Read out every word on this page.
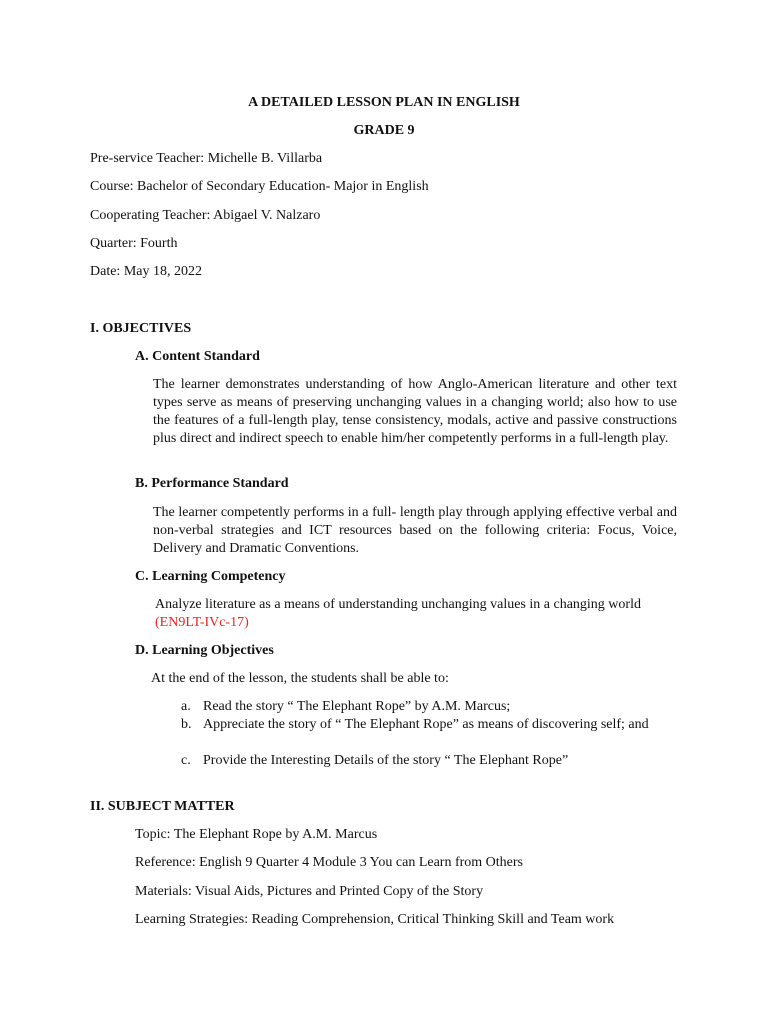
A DETAILED LESSON PLAN IN ENGLISH
GRADE 9
Pre-service Teacher: Michelle B. Villarba
Course: Bachelor of Secondary Education- Major in English
Cooperating Teacher: Abigael V. Nalzaro
Quarter: Fourth
Date: May 18, 2022
I. OBJECTIVES
A. Content Standard
The learner demonstrates understanding of how Anglo-American literature and other text types serve as means of preserving unchanging values in a changing world; also how to use the features of a full-length play, tense consistency, modals, active and passive constructions plus direct and indirect speech to enable him/her competently performs in a full-length play.
B. Performance Standard
The learner competently performs in a full- length play through applying effective verbal and non-verbal strategies and ICT resources based on the following criteria: Focus, Voice, Delivery and Dramatic Conventions.
C. Learning Competency
Analyze literature as a means of understanding unchanging values in a changing world
(EN9LT-IVc-17)
D. Learning Objectives
At the end of the lesson, the students shall be able to:
a. Read the story “ The Elephant Rope” by A.M. Marcus;
b. Appreciate the story of “ The Elephant Rope” as means of discovering self; and
c. Provide the Interesting Details of the story “ The Elephant Rope”
II. SUBJECT MATTER
Topic: The Elephant Rope by A.M. Marcus
Reference: English 9 Quarter 4 Module 3 You can Learn from Others
Materials: Visual Aids, Pictures and Printed Copy of the Story
Learning Strategies: Reading Comprehension, Critical Thinking Skill and Team work
